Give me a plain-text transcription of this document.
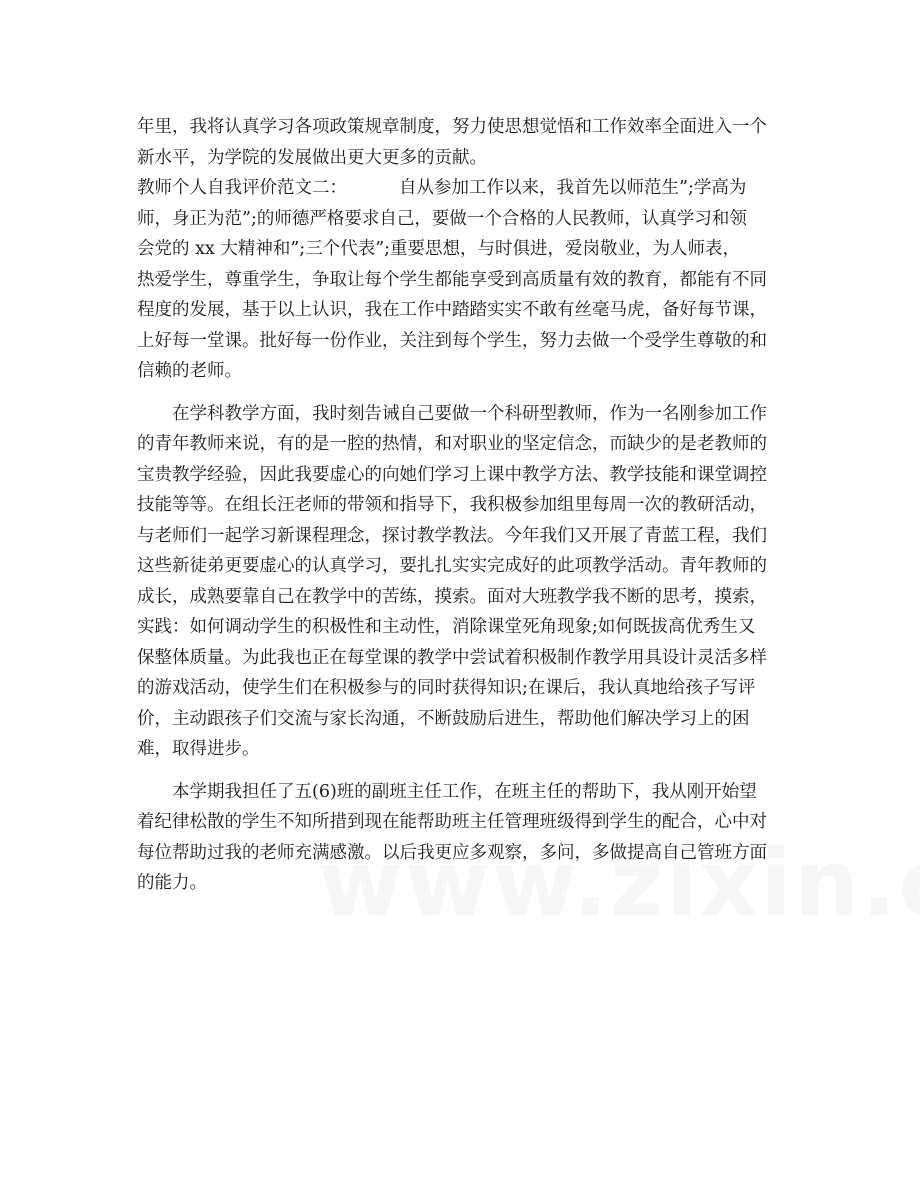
年里，我将认真学习各项政策规章制度，努力使思想觉悟和工作效率全面进入一个
新水平，为学院的发展做出更大更多的贡献。
教师个人自我评价范文二：	自从参加工作以来，我首先以师范生”;学高为
师，身正为范”;的师德严格要求自己，要做一个合格的人民教师，认真学习和领
会党的 xx 大精神和”;三个代表”;重要思想，与时俱进，爱岗敬业，为人师表，
热爱学生，尊重学生，争取让每个学生都能享受到高质量有效的教育，都能有不同
程度的发展，基于以上认识，我在工作中踏踏实实不敢有丝毫马虎，备好每节课，
上好每一堂课。批好每一份作业，关注到每个学生，努力去做一个受学生尊敬的和
信赖的老师。
　　在学科教学方面，我时刻告诫自己要做一个科研型教师，作为一名刚参加工作
的青年教师来说，有的是一腔的热情，和对职业的坚定信念，而缺少的是老教师的
宝贵教学经验，因此我要虚心的向她们学习上课中教学方法、教学技能和课堂调控
技能等等。在组长汪老师的带领和指导下，我积极参加组里每周一次的教研活动，
与老师们一起学习新课程理念，探讨教学教法。今年我们又开展了青蓝工程，我们
这些新徒弟更要虚心的认真学习，要扎扎实实完成好的此项教学活动。青年教师的
成长，成熟要靠自己在教学中的苦练，摸索。面对大班教学我不断的思考，摸索，
实践：如何调动学生的积极性和主动性，消除课堂死角现象;如何既拔高优秀生又
保整体质量。为此我也正在每堂课的教学中尝试着积极制作教学用具设计灵活多样
的游戏活动，使学生们在积极参与的同时获得知识;在课后，我认真地给孩子写评
价，主动跟孩子们交流与家长沟通，不断鼓励后进生，帮助他们解决学习上的困
难，取得进步。
　　本学期我担任了五(6)班的副班主任工作，在班主任的帮助下，我从刚开始望
着纪律松散的学生不知所措到现在能帮助班主任管理班级得到学生的配合，心中对
每位帮助过我的老师充满感激。以后我更应多观察，多问，多做提高自己管班方面
的能力。
